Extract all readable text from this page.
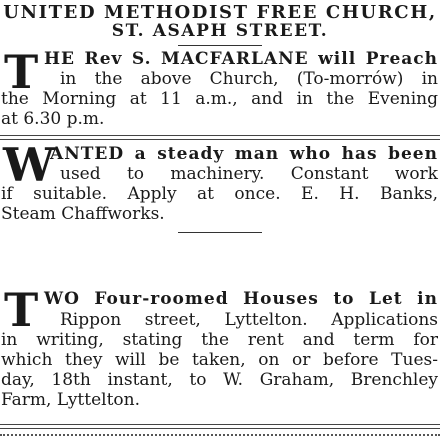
UNITED METHODIST FREE CHURCH,
ST. ASAPH STREET.
T HE Rev S. MACFARLANE will Preach
in the above Church, (To-morrów) in
the Morning at 11 a.m., and in the Evening
at 6.30 p.m.
W
ANTED a steady man who has been
used to machinery. Constant work
if suitable. Apply at once. E. H. Banks,
Steam Chaffworks.
T WO Four-roomed Houses to Let in
Rippon street, Lyttelton. Applications
in writing, stating the rent and term for
which they will be taken, on or before Tues-
day, 18th instant, to W. Graham, Brenchley
Farm, Lyttelton.
